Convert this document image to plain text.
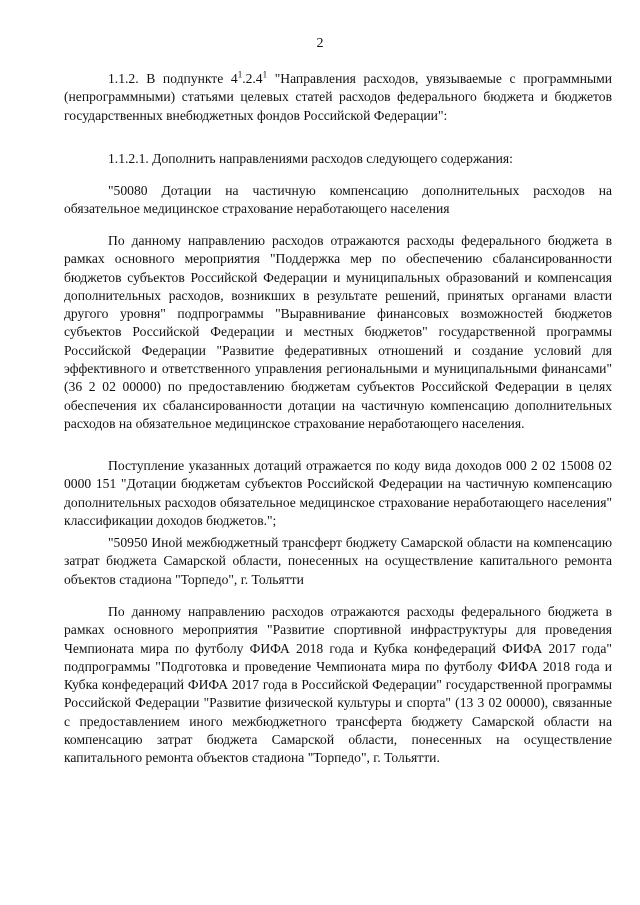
2

1.1.2. В подпункте $4^1.2.4^1$ "Направления расходов, увязываемые с программными (непрограммными) статьями целевых статей расходов федерального бюджета и бюджетов государственных внебюджетных фондов Российской Федерации":

1.1.2.1. Дополнить направлениями расходов следующего содержания:

"50080 Дотации на частичную компенсацию дополнительных расходов на обязательное медицинское страхование неработающего населения

По данному направлению расходов отражаются расходы федерального бюджета в рамках основного мероприятия "Поддержка мер по обеспечению сбалансированности бюджетов субъектов Российской Федерации и муниципальных образований и компенсация дополнительных расходов, возникших в результате решений, принятых органами власти другого уровня" подпрограммы "Выравнивание финансовых возможностей бюджетов субъектов Российской Федерации и местных бюджетов" государственной программы Российской Федерации "Развитие федеративных отношений и создание условий для эффективного и ответственного управления региональными и муниципальными финансами" (36 2 02 00000) по предоставлению бюджетам субъектов Российской Федерации в целях обеспечения их сбалансированности дотации на частичную компенсацию дополнительных расходов на обязательное медицинское страхование неработающего населения.

Поступление указанных дотаций отражается по коду вида доходов 000 2 02 15008 02 0000 151 "Дотации бюджетам субъектов Российской Федерации на частичную компенсацию дополнительных расходов обязательное медицинское страхование неработающего населения" классификации доходов бюджетов.";

"50950 Иной межбюджетный трансферт бюджету Самарской области на компенсацию затрат бюджета Самарской области, понесенных на осуществление капитального ремонта объектов стадиона "Торпедо", г. Тольятти

По данному направлению расходов отражаются расходы федерального бюджета в рамках основного мероприятия "Развитие спортивной инфраструктуры для проведения Чемпионата мира по футболу ФИФА 2018 года и Кубка конфедераций ФИФА 2017 года" подпрограммы "Подготовка и проведение Чемпионата мира по футболу ФИФА 2018 года и Кубка конфедераций ФИФА 2017 года в Российской Федерации" государственной программы Российской Федерации "Развитие физической культуры и спорта" (13 3 02 00000), связанные с предоставлением иного межбюджетного трансферта бюджету Самарской области на компенсацию затрат бюджета Самарской области, понесенных на осуществление капитального ремонта объектов стадиона "Торпедо", г. Тольятти.
